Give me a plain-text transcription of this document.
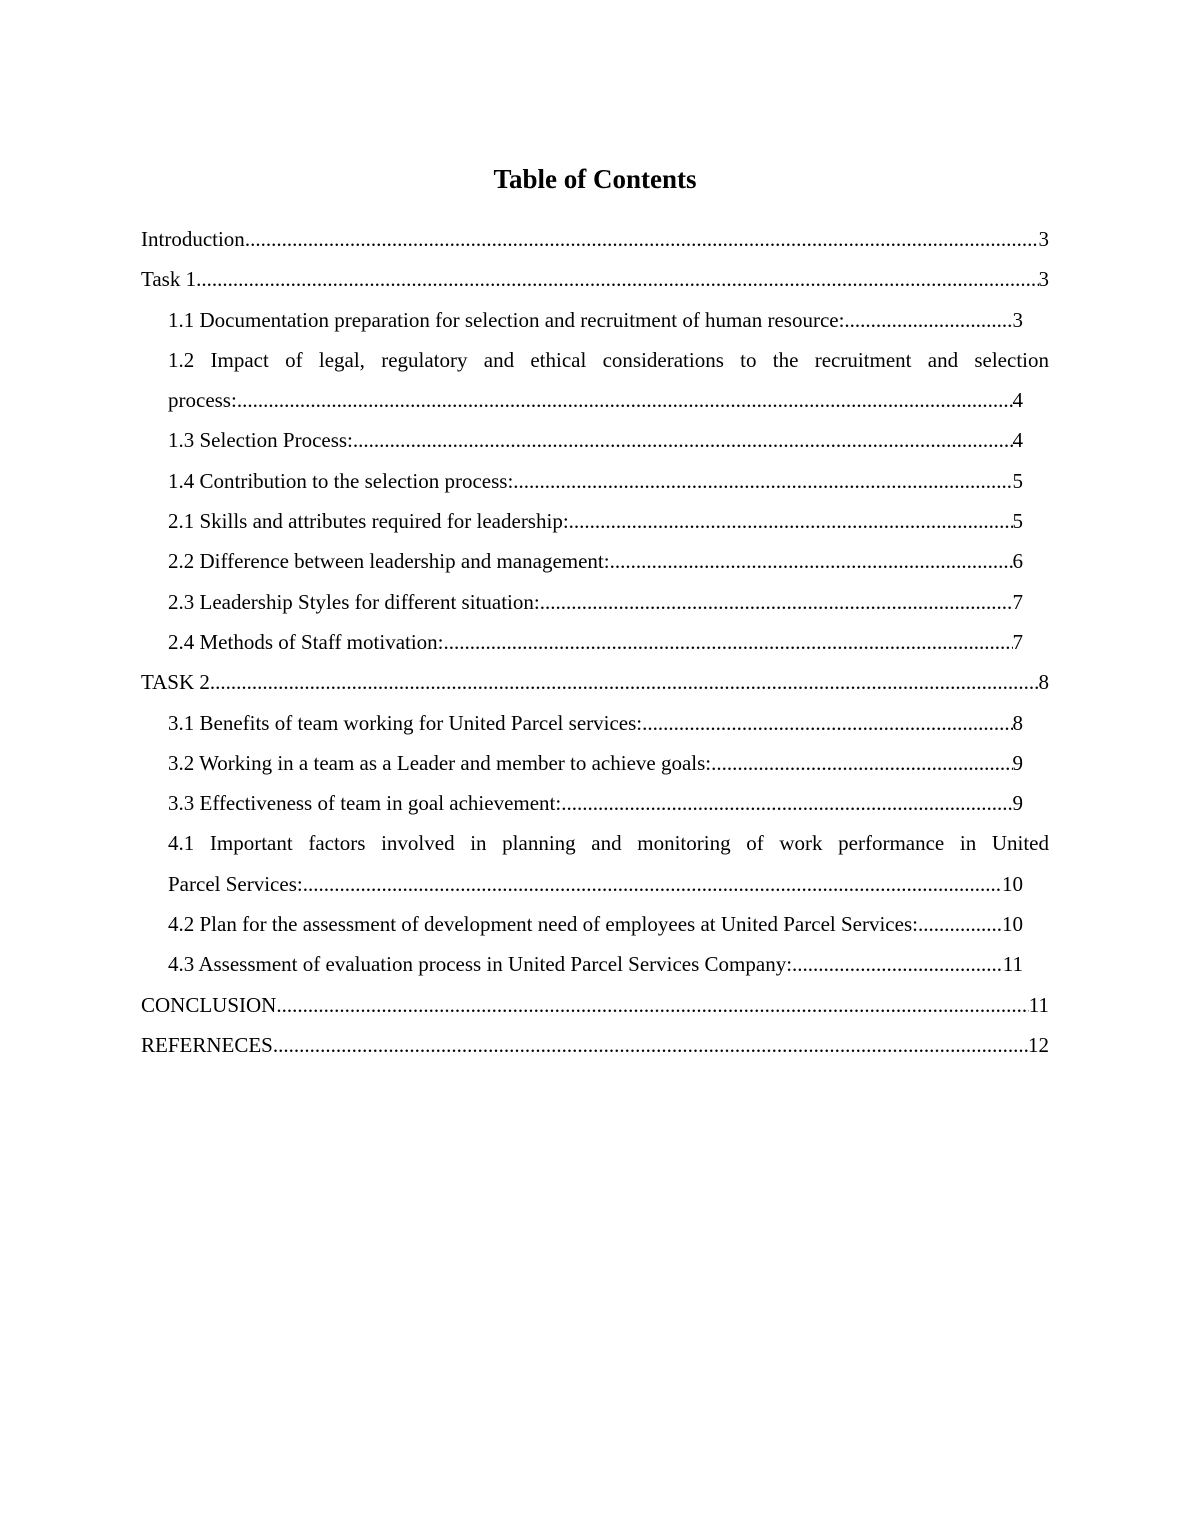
Table of Contents
Introduction .....	3
Task 1 .....	3
1.1 Documentation preparation for selection and recruitment of human resource: .....	3
1.2 Impact of legal, regulatory and ethical considerations to the recruitment and selection
process: .....	4
1.3 Selection Process: .....	4
1.4 Contribution to the selection process: .....	5
2.1 Skills and attributes required for leadership: .....	5
2.2 Difference between leadership and management: .....	6
2.3 Leadership Styles for different situation: .....	7
2.4 Methods of Staff motivation: .....	7
TASK 2 .....	8
3.1 Benefits of team working for United Parcel services: .....	8
3.2 Working in a team as a Leader and member to achieve goals: .....	9
3.3 Effectiveness of team in goal achievement: .....	9
4.1 Important factors involved in planning and monitoring of work performance in United
Parcel Services: .....	10
4.2 Plan for the assessment of development need of employees at United Parcel Services: .....	10
4.3 Assessment of evaluation process in United Parcel Services Company: .....	11
CONCLUSION .....	11
REFERNECES .....	12
